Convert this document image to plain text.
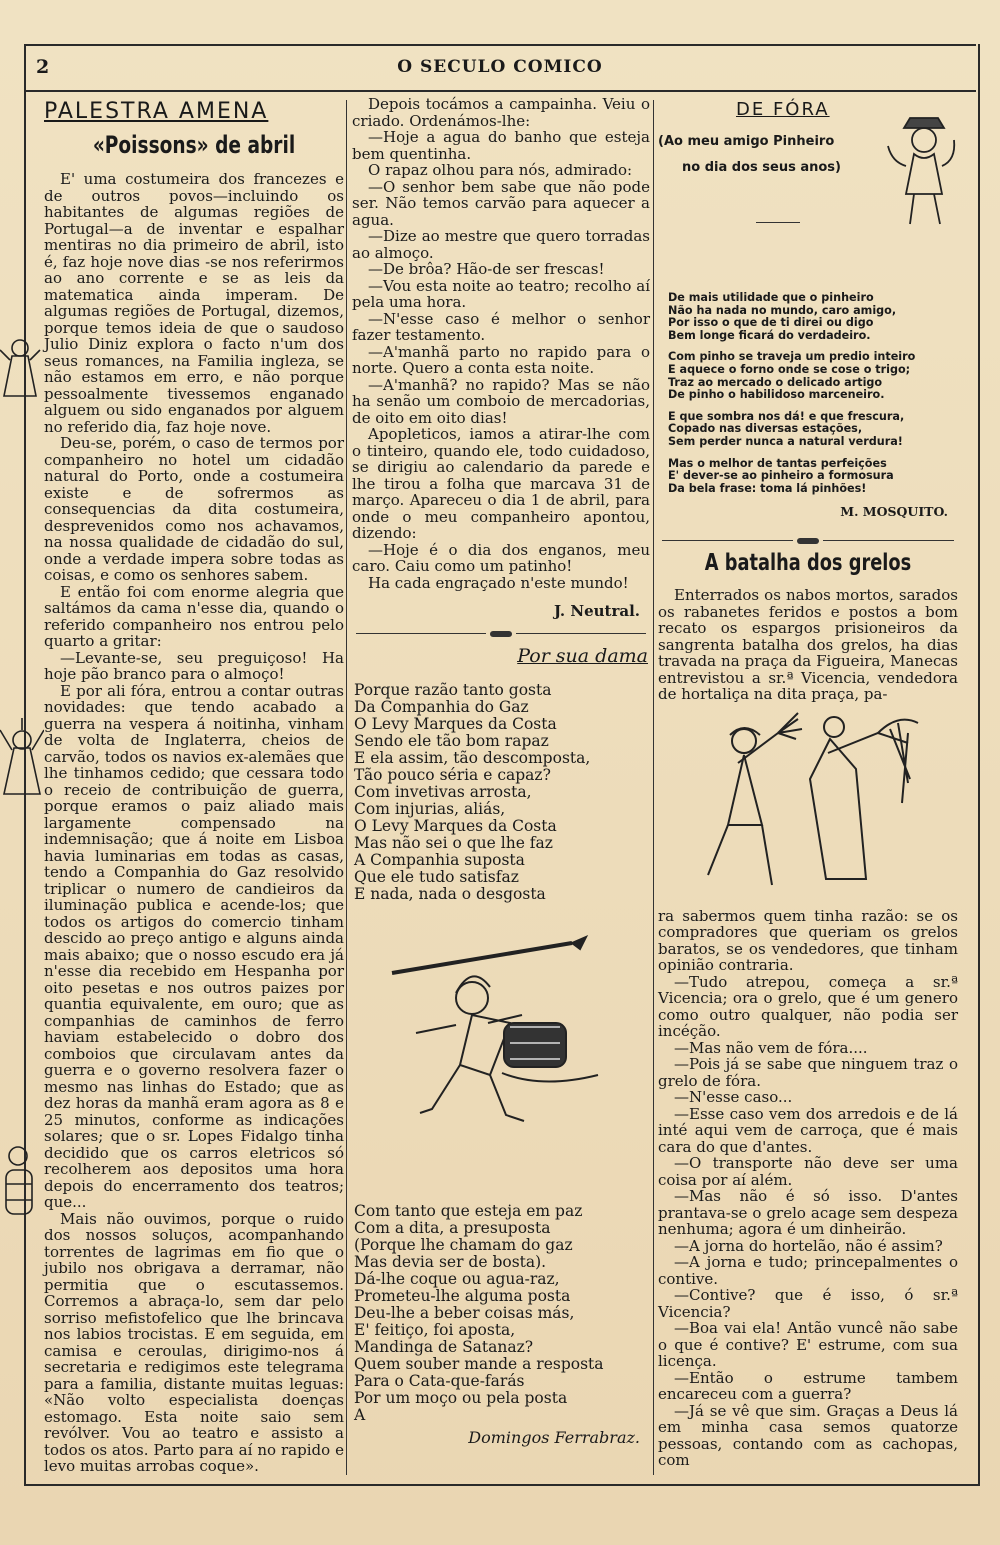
2	O SECULO COMICO
PALESTRA AMENA
«Poissons» de abril

E' uma costumeira dos francezes e de outros povos—incluindo os habitantes de algumas regiões de Portugal—a de inventar e espalhar mentiras no dia primeiro de abril, isto é, faz hoje nove dias -se nos referirmos ao ano corrente e se as leis da matematica ainda imperam. De algumas regiões de Portugal, dizemos, porque temos ideia de que o saudoso Julio Diniz explora o facto n'um dos seus romances, na Familia ingleza, se não estamos em erro, e não porque pessoalmente tivessemos enganado alguem ou sido enganados por alguem no referido dia, faz hoje nove.

Deu-se, porém, o caso de termos por companheiro no hotel um cidadão natural do Porto, onde a costumeira existe e de sofrermos as consequencias da dita costumeira, desprevenidos como nos achavamos, na nossa qualidade de cidadão do sul, onde a verdade impera sobre todas as coisas, e como os senhores sabem.

E então foi com enorme alegria que saltámos da cama n'esse dia, quando o referido companheiro nos entrou pelo quarto a gritar:

—Levante-se, seu preguiçoso! Ha hoje pão branco para o almoço!

E por ali fóra, entrou a contar outras novidades: que tendo acabado a guerra na vespera á noitinha, vinham de volta de Inglaterra, cheios de carvão, todos os navios ex-alemães que lhe tinhamos cedido; que cessara todo o receio de contribuição de guerra, porque eramos o paiz aliado mais largamente compensado na indemnisação; que á noite em Lisboa havia luminarias em todas as casas, tendo a Companhia do Gaz resolvido triplicar o numero de candieiros da iluminação publica e acende-los; que todos os artigos do comercio tinham descido ao preço antigo e alguns ainda mais abaixo; que o nosso escudo era já n'esse dia recebido em Hespanha por oito pesetas e nos outros paizes por quantia equivalente, em ouro; que as companhias de caminhos de ferro haviam estabelecido o dobro dos comboios que circulavam antes da guerra e o governo resolvera fazer o mesmo nas linhas do Estado; que as dez horas da manhã eram agora as 8 e 25 minutos, conforme as indicações solares; que o sr. Lopes Fidalgo tinha decidido que os carros eletricos só recolherem aos depositos uma hora depois do encerramento dos teatros; que...

Mais não ouvimos, porque o ruido dos nossos soluços, acompanhando torrentes de lagrimas em fio que o jubilo nos obrigava a derramar, não permitia que o escutassemos. Corremos a abraça-lo, sem dar pelo sorriso mefistofelico que lhe brincava nos labios trocistas. E em seguida, em camisa e ceroulas, dirigimo-nos á secretaria e redigimos este telegrama para a familia, distante muitas leguas: «Não volto especialista doenças estomago. Esta noite saio sem revólver. Vou ao teatro e assisto a todos os atos. Parto para aí no rapido e levo muitas arrobas coque».

Depois tocámos a campainha. Veiu o criado. Ordenámos-lhe:

—Hoje a agua do banho que esteja bem quentinha.

O rapaz olhou para nós, admirado:

—O senhor bem sabe que não pode ser. Não temos carvão para aquecer a agua.

—Dize ao mestre que quero torradas ao almoço.

—De brôa? Hão-de ser frescas!

—Vou esta noite ao teatro; recolho aí pela uma hora.

—N'esse caso é melhor o senhor fazer testamento.

—A'manhã parto no rapido para o norte. Quero a conta esta noite.

—A'manhã? no rapido? Mas se não ha senão um comboio de mercadorias, de oito em oito dias!

Apopleticos, iamos a atirar-lhe com o tinteiro, quando ele, todo cuidadoso, se dirigiu ao calendario da parede e lhe tirou a folha que marcava 31 de março. Apareceu o dia 1 de abril, para onde o meu companheiro apontou, dizendo:

—Hoje é o dia dos enganos, meu caro. Caiu como um patinho!

Ha cada engraçado n'este mundo!

J. Neutral.
Por sua dama
Porque razão tanto gosta
Da Companhia do Gaz
O Levy Marques da Costa
Sendo ele tão bom rapaz
E ela assim, tão descomposta,
Tão pouco séria e capaz?
Com invetivas arrosta,
Com injurias, aliás,
O Levy Marques da Costa
Mas não sei o que lhe faz
A Companhia suposta
Que ele tudo satisfaz
E nada, nada o desgosta
Com tanto que esteja em paz
Com a dita, a presuposta
(Porque lhe chamam do gaz
Mas devia ser de bosta).
Dá-lhe coque ou agua-raz,
Prometeu-lhe alguma posta
Deu-lhe a beber coisas más,
E' feitiço, foi aposta,
Mandinga de Satanaz?
Quem souber mande a resposta
Para o Cata-que-farás
Por um moço ou pela posta
A
Domingos Ferrabraz.
DE FÓRA
(Ao meu amigo Pinheiro
no dia dos seus anos)
De mais utilidade que o pinheiro
Não ha nada no mundo, caro amigo,
Por isso o que de ti direi ou digo
Bem longe ficará do verdadeiro.
Com pinho se traveja um predio inteiro
E aquece o forno onde se cose o trigo;
Traz ao mercado o delicado artigo
De pinho o habilidoso marceneiro.
E que sombra nos dá! e que frescura,
Copado nas diversas estações,
Sem perder nunca a natural verdura!
Mas o melhor de tantas perfeições
E' dever-se ao pinheiro a formosura
Da bela frase: toma lá pinhões!
M. MOSQUITO.
A batalha dos grelos

Enterrados os nabos mortos, sarados os rabanetes feridos e postos a bom recato os espargos prisioneiros da sangrenta batalha dos grelos, ha dias travada na praça da Figueira, Manecas entrevistou a sr.ª Vicencia, vendedora de hortaliça na dita praça, pa-

ra sabermos quem tinha razão: se os compradores que queriam os grelos baratos, se os vendedores, que tinham opinião contraria.

—Tudo atrepou, começa a sr.ª Vicencia; ora o grelo, que é um genero como outro qualquer, não podia ser incéção.

—Mas não vem de fóra....

—Pois já se sabe que ninguem traz o grelo de fóra.

—N'esse caso...

—Esse caso vem dos arredois e de lá inté aqui vem de carroça, que é mais cara do que d'antes.

—O transporte não deve ser uma coisa por aí além.

—Mas não é só isso. D'antes prantava-se o grelo acage sem despeza nenhuma; agora é um dinheirão.

—A jorna do hortelão, não é assim?

—A jorna e tudo; princepalmentes o contive.

—Contive? que é isso, ó sr.ª Vicencia?

—Boa vai ela! Antão vuncê não sabe o que é contive? E' estrume, com sua licença.

—Então o estrume tambem encareceu com a guerra?

—Já se vê que sim. Graças a Deus lá em minha casa semos quatorze pessoas, contando com as cachopas, com
